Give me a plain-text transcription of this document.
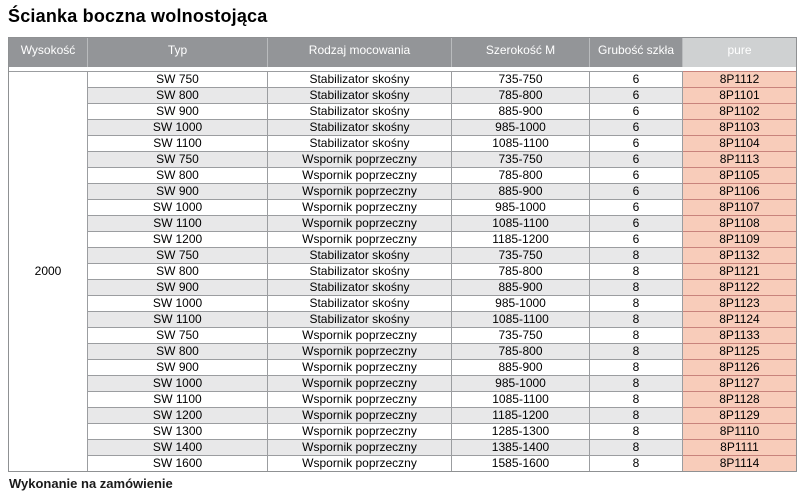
Ścianka boczna wolnostojąca
Wysokość	Typ	Rodzaj mocowania	Szerokość M	Grubość szkła	pure

2000	SW 750	Stabilizator skośny	735-750	6	8P1112
	SW 800	Stabilizator skośny	785-800	6	8P1101
	SW 900	Stabilizator skośny	885-900	6	8P1102
	SW 1000	Stabilizator skośny	985-1000	6	8P1103
	SW 1100	Stabilizator skośny	1085-1100	6	8P1104
	SW 750	Wspornik poprzeczny	735-750	6	8P1113
	SW 800	Wspornik poprzeczny	785-800	6	8P1105
	SW 900	Wspornik poprzeczny	885-900	6	8P1106
	SW 1000	Wspornik poprzeczny	985-1000	6	8P1107
	SW 1100	Wspornik poprzeczny	1085-1100	6	8P1108
	SW 1200	Wspornik poprzeczny	1185-1200	6	8P1109
	SW 750	Stabilizator skośny	735-750	8	8P1132
	SW 800	Stabilizator skośny	785-800	8	8P1121
	SW 900	Stabilizator skośny	885-900	8	8P1122
	SW 1000	Stabilizator skośny	985-1000	8	8P1123
	SW 1100	Stabilizator skośny	1085-1100	8	8P1124
	SW 750	Wspornik poprzeczny	735-750	8	8P1133
	SW 800	Wspornik poprzeczny	785-800	8	8P1125
	SW 900	Wspornik poprzeczny	885-900	8	8P1126
	SW 1000	Wspornik poprzeczny	985-1000	8	8P1127
	SW 1100	Wspornik poprzeczny	1085-1100	8	8P1128
	SW 1200	Wspornik poprzeczny	1185-1200	8	8P1129
	SW 1300	Wspornik poprzeczny	1285-1300	8	8P1110
	SW 1400	Wspornik poprzeczny	1385-1400	8	8P1111
	SW 1600	Wspornik poprzeczny	1585-1600	8	8P1114
Wykonanie na zamówienie
